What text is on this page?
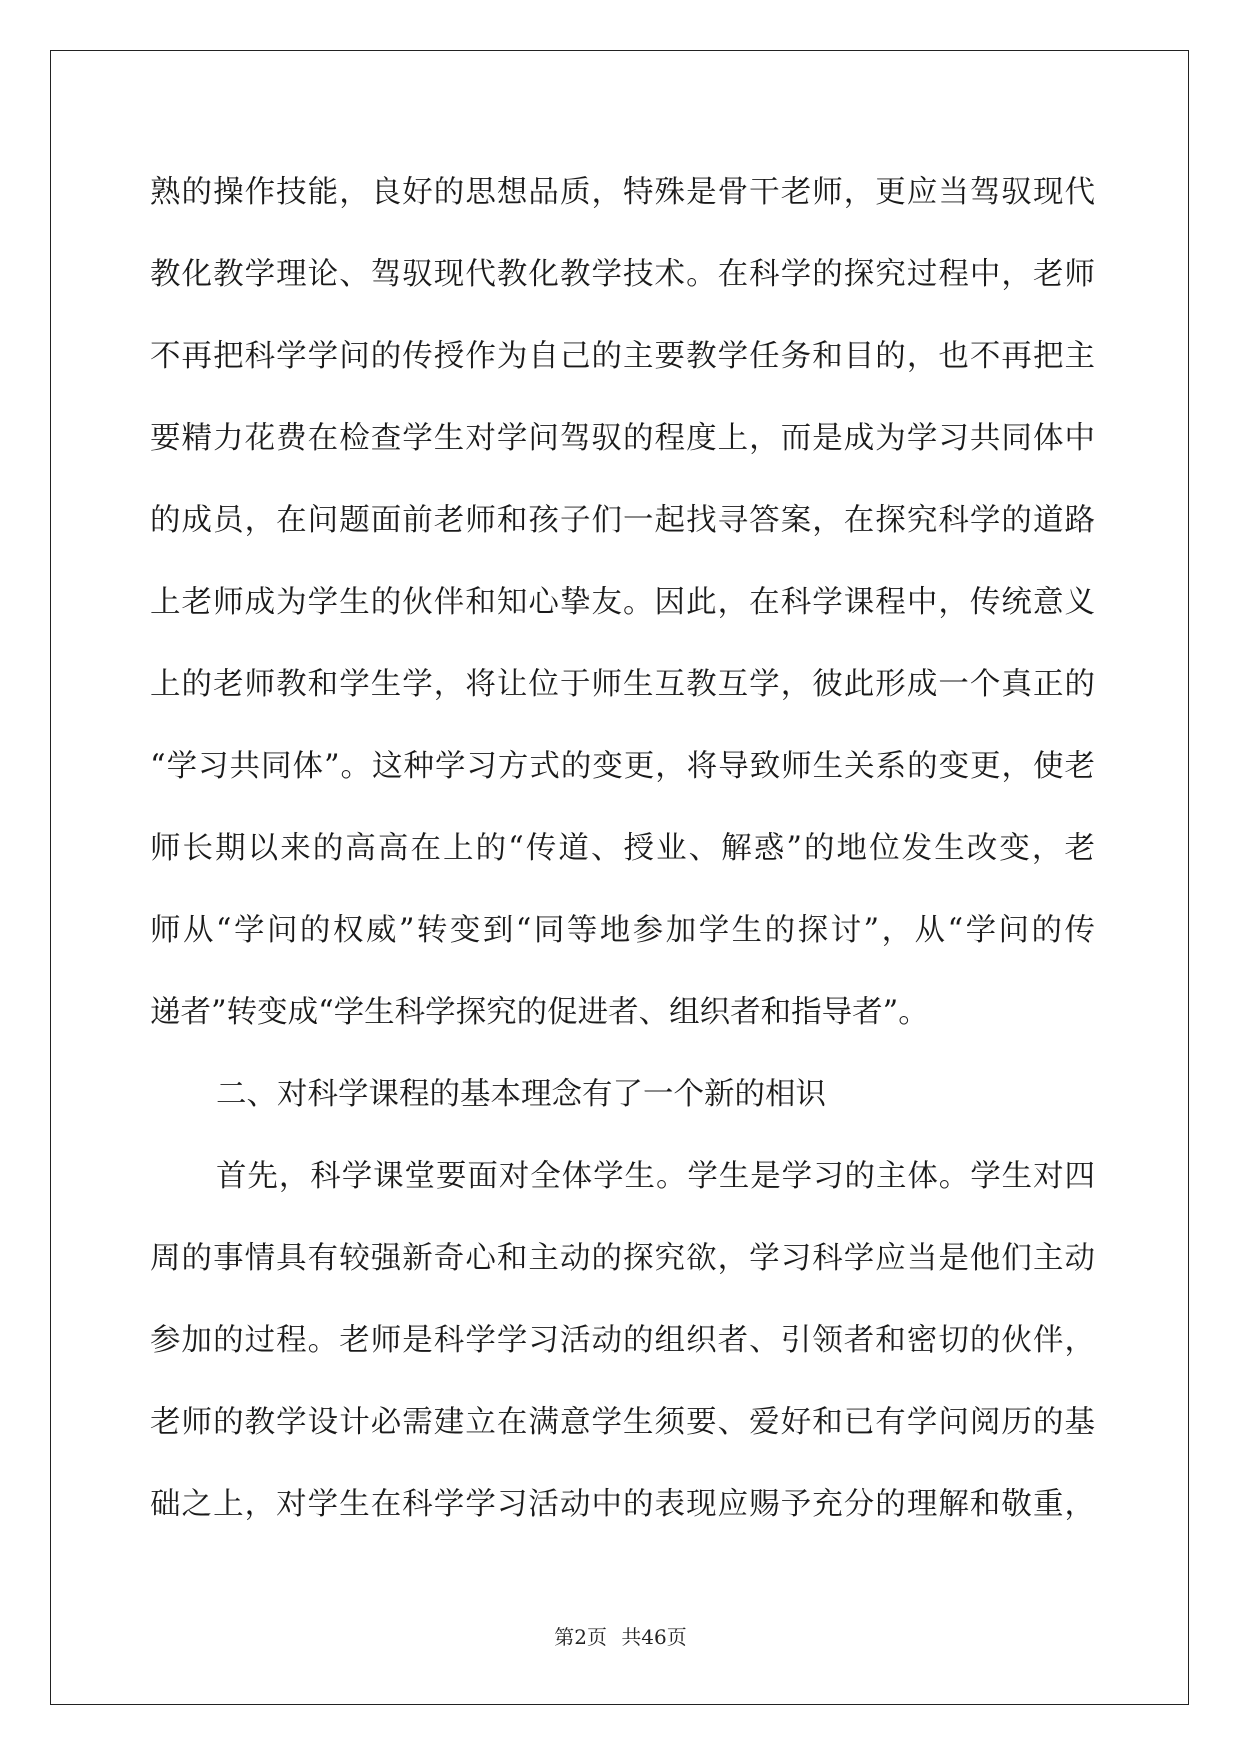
熟的操作技能，良好的思想品质，特殊是骨干老师，更应当驾驭现代
教化教学理论、驾驭现代教化教学技术。在科学的探究过程中，老师
不再把科学学问的传授作为自己的主要教学任务和目的，也不再把主
要精力花费在检查学生对学问驾驭的程度上，而是成为学习共同体中
的成员，在问题面前老师和孩子们一起找寻答案，在探究科学的道路
上老师成为学生的伙伴和知心挚友。因此，在科学课程中，传统意义
上的老师教和学生学，将让位于师生互教互学，彼此形成一个真正的
“学习共同体”。这种学习方式的变更，将导致师生关系的变更，使老
师长期以来的高高在上的“传道、授业、解惑”的地位发生改变，老
师从“学问的权威”转变到“同等地参加学生的探讨”，从“学问的传
递者”转变成“学生科学探究的促进者、组织者和指导者”。
二、对科学课程的基本理念有了一个新的相识
首先，科学课堂要面对全体学生。学生是学习的主体。学生对四
周的事情具有较强新奇心和主动的探究欲，学习科学应当是他们主动
参加的过程。老师是科学学习活动的组织者、引领者和密切的伙伴，
老师的教学设计必需建立在满意学生须要、爱好和已有学问阅历的基
础之上，对学生在科学学习活动中的表现应赐予充分的理解和敬重，
第2页 共46页
